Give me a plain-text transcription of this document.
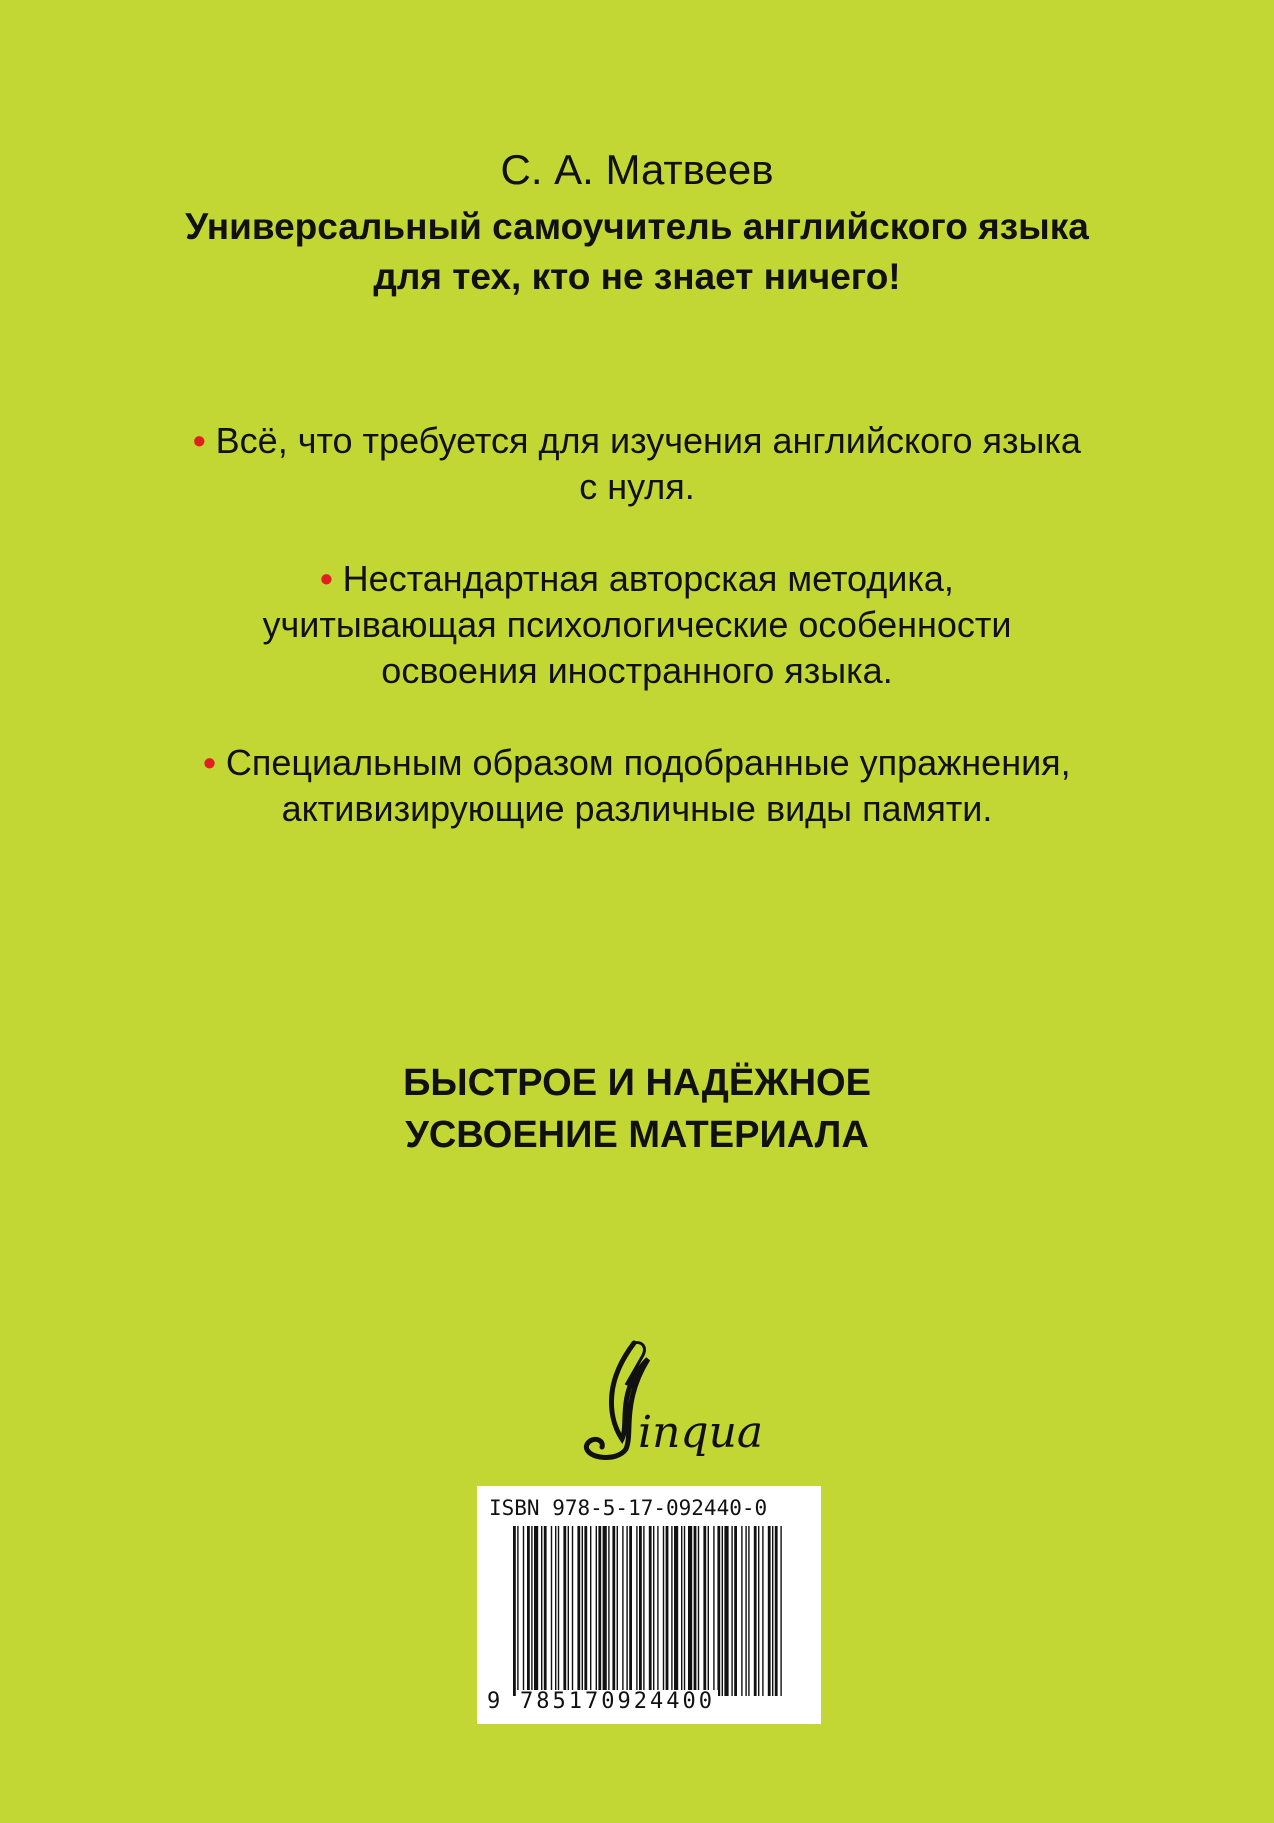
С. А. Матвеев
Универсальный самоучитель английского языка
для тех, кто не знает ничего!
• Всё, что требуется для изучения английского языка
с нуля.
• Нестандартная авторская методика,
учитывающая психологические особенности
освоения иностранного языка.
• Специальным образом подобранные упражнения,
активизирующие различные виды памяти.
БЫСТРОЕ И НАДЁЖНОЕ
УСВОЕНИЕ МАТЕРИАЛА
inqua
ISBN 978-5-17-092440-0
9 785170924400
